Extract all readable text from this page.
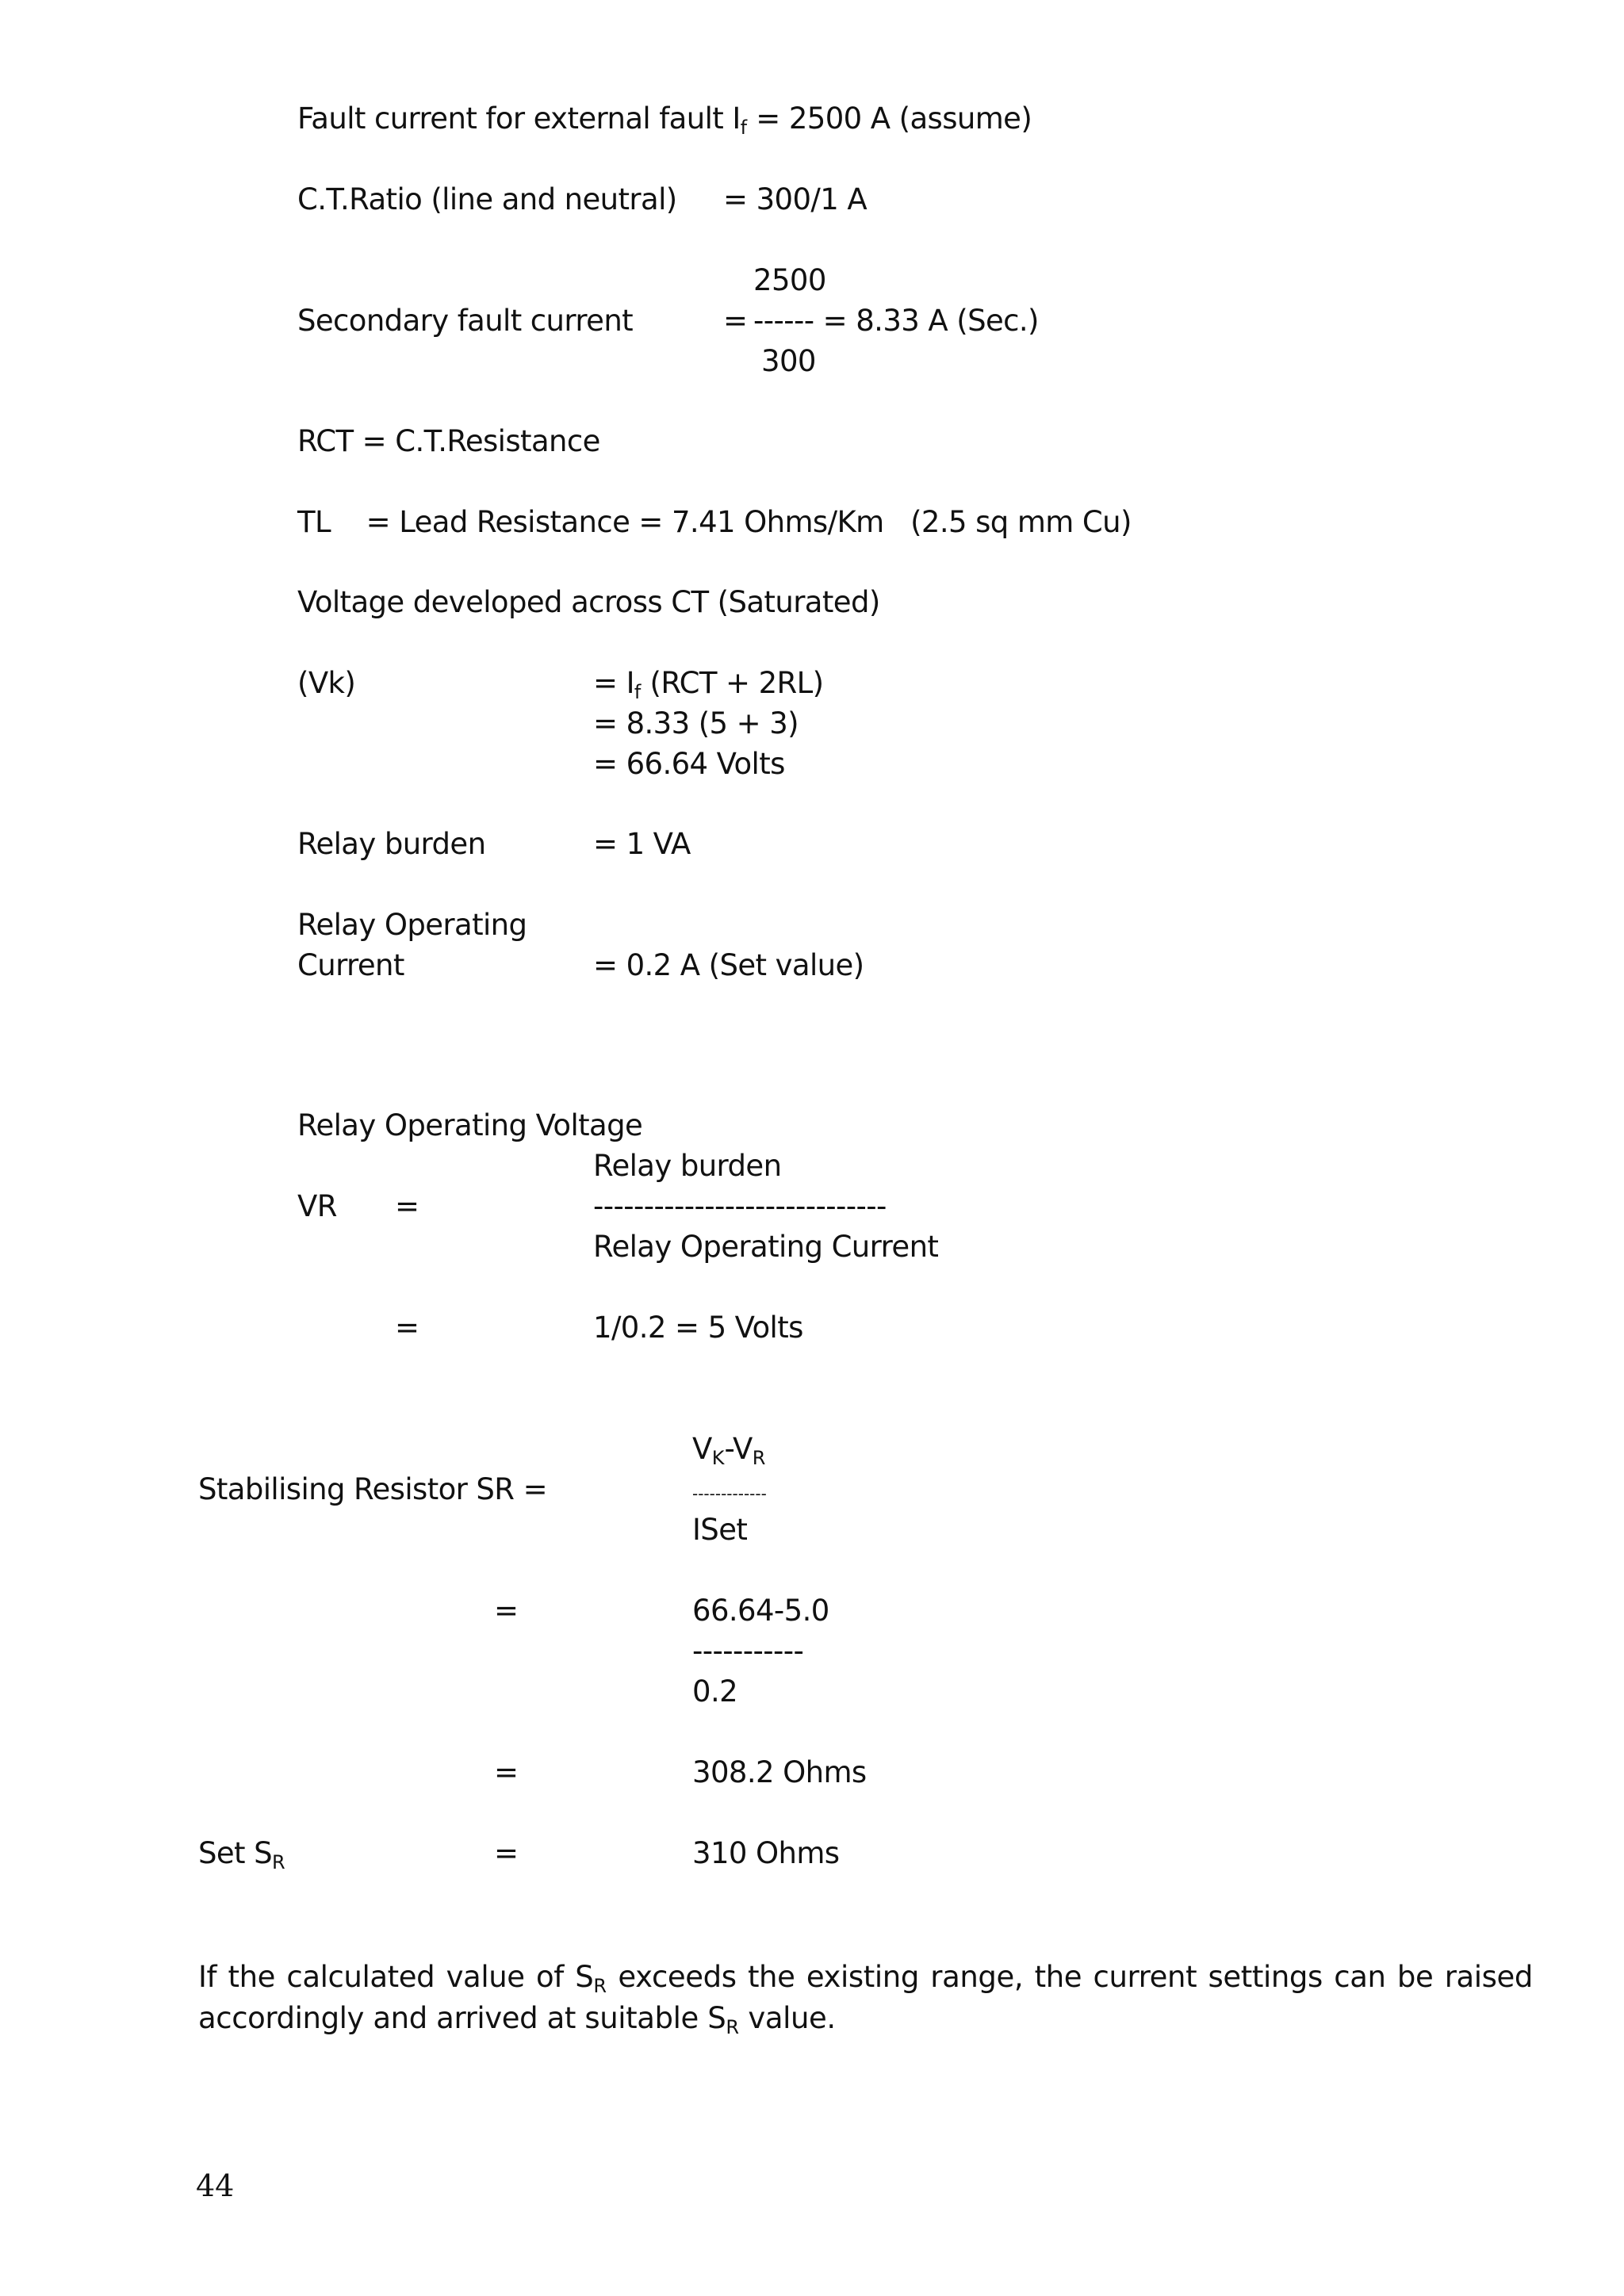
Fault current for external fault $I_f = 2500$ A (assume)
C.T.Ratio (line and neutral) = 300/1 A
2500
Secondary fault current	= ------ = 8.33 A (Sec.)
300
RCT = C.T.Resistance
TL    = Lead Resistance = 7.41 Ohms/Km   (2.5 sq mm Cu)
Voltage developed across CT (Saturated)
(Vk)	= $I_f$ (RCT + 2RL)
= 8.33 (5 + 3)
= 66.64 Volts
Relay burden	= 1 VA
Relay Operating
Current	= 0.2 A (Set value)
Relay Operating Voltage
Relay burden
VR =	-----------------------------
Relay Operating Current
=	1/0.2 = 5 Volts
$V_K-V_R$
Stabilising Resistor SR =	-------------
ISet
=	66.64-5.0
-----------
0.2
=	308.2 Ohms
Set $S_R$	=	310 Ohms
If the calculated value of $S_R$ exceeds the existing range, the current settings can be raised accordingly and arrived at suitable $S_R$ value.
44
